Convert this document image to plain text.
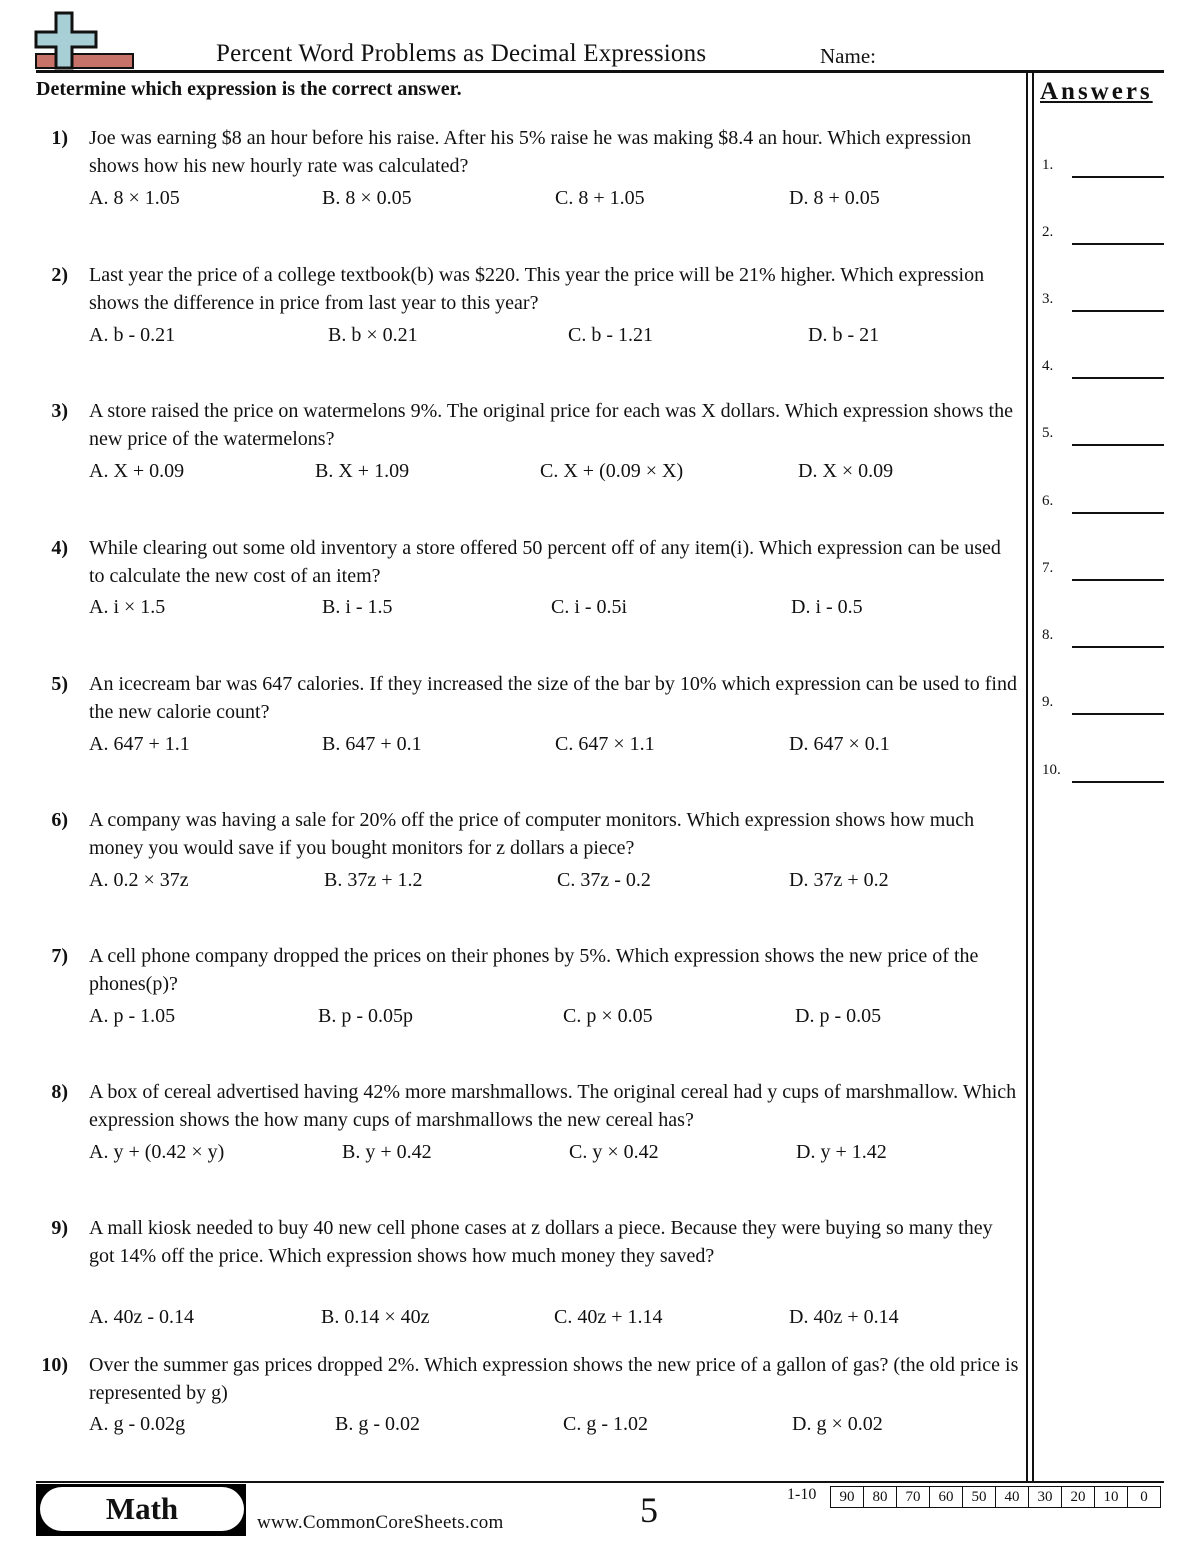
Percent Word Problems as Decimal Expressions	Name:
Determine which expression is the correct answer.	Answers
1.
2.
3.
4.
5.
6.
7.
8.
9.
10.
1) Joe was earning $8 an hour before his raise. After his 5% raise he was making $8.4 an hour. Which expression shows how his new hourly rate was calculated?
A. 8 × 1.05	B. 8 × 0.05	C. 8 + 1.05	D. 8 + 0.05
2) Last year the price of a college textbook(b) was $220. This year the price will be 21% higher. Which expression shows the difference in price from last year to this year?
A. b - 0.21	B. b × 0.21	C. b - 1.21	D. b - 21
3) A store raised the price on watermelons 9%. The original price for each was X dollars. Which expression shows the new price of the watermelons?
A. X + 0.09	B. X + 1.09	C. X + (0.09 × X)	D. X × 0.09
4) While clearing out some old inventory a store offered 50 percent off of any item(i). Which expression can be used to calculate the new cost of an item?
A. i × 1.5	B. i - 1.5	C. i - 0.5i	D. i - 0.5
5) An icecream bar was 647 calories. If they increased the size of the bar by 10% which expression can be used to find the new calorie count?
A. 647 + 1.1	B. 647 + 0.1	C. 647 × 1.1	D. 647 × 0.1
6) A company was having a sale for 20% off the price of computer monitors. Which expression shows how much money you would save if you bought monitors for z dollars a piece?
A. 0.2 × 37z	B. 37z + 1.2	C. 37z - 0.2	D. 37z + 0.2
7) A cell phone company dropped the prices on their phones by 5%. Which expression shows the new price of the phones(p)?
A. p - 1.05	B. p - 0.05p	C. p × 0.05	D. p - 0.05
8) A box of cereal advertised having 42% more marshmallows. The original cereal had y cups of marshmallow. Which expression shows the how many cups of marshmallows the new cereal has?
A. y + (0.42 × y)	B. y + 0.42	C. y × 0.42	D. y + 1.42
9) A mall kiosk needed to buy 40 new cell phone cases at z dollars a piece. Because they were buying so many they got 14% off the price. Which expression shows how much money they saved?
A. 40z - 0.14	B. 0.14 × 40z	C. 40z + 1.14	D. 40z + 0.14
10) Over the summer gas prices dropped 2%. Which expression shows the new price of a gallon of gas? (the old price is represented by g)
A. g - 0.02g	B. g - 0.02	C. g - 1.02	D. g × 0.02
Math	www.CommonCoreSheets.com	5	1-10	90	80	70	60	50	40	30	20	10	0
